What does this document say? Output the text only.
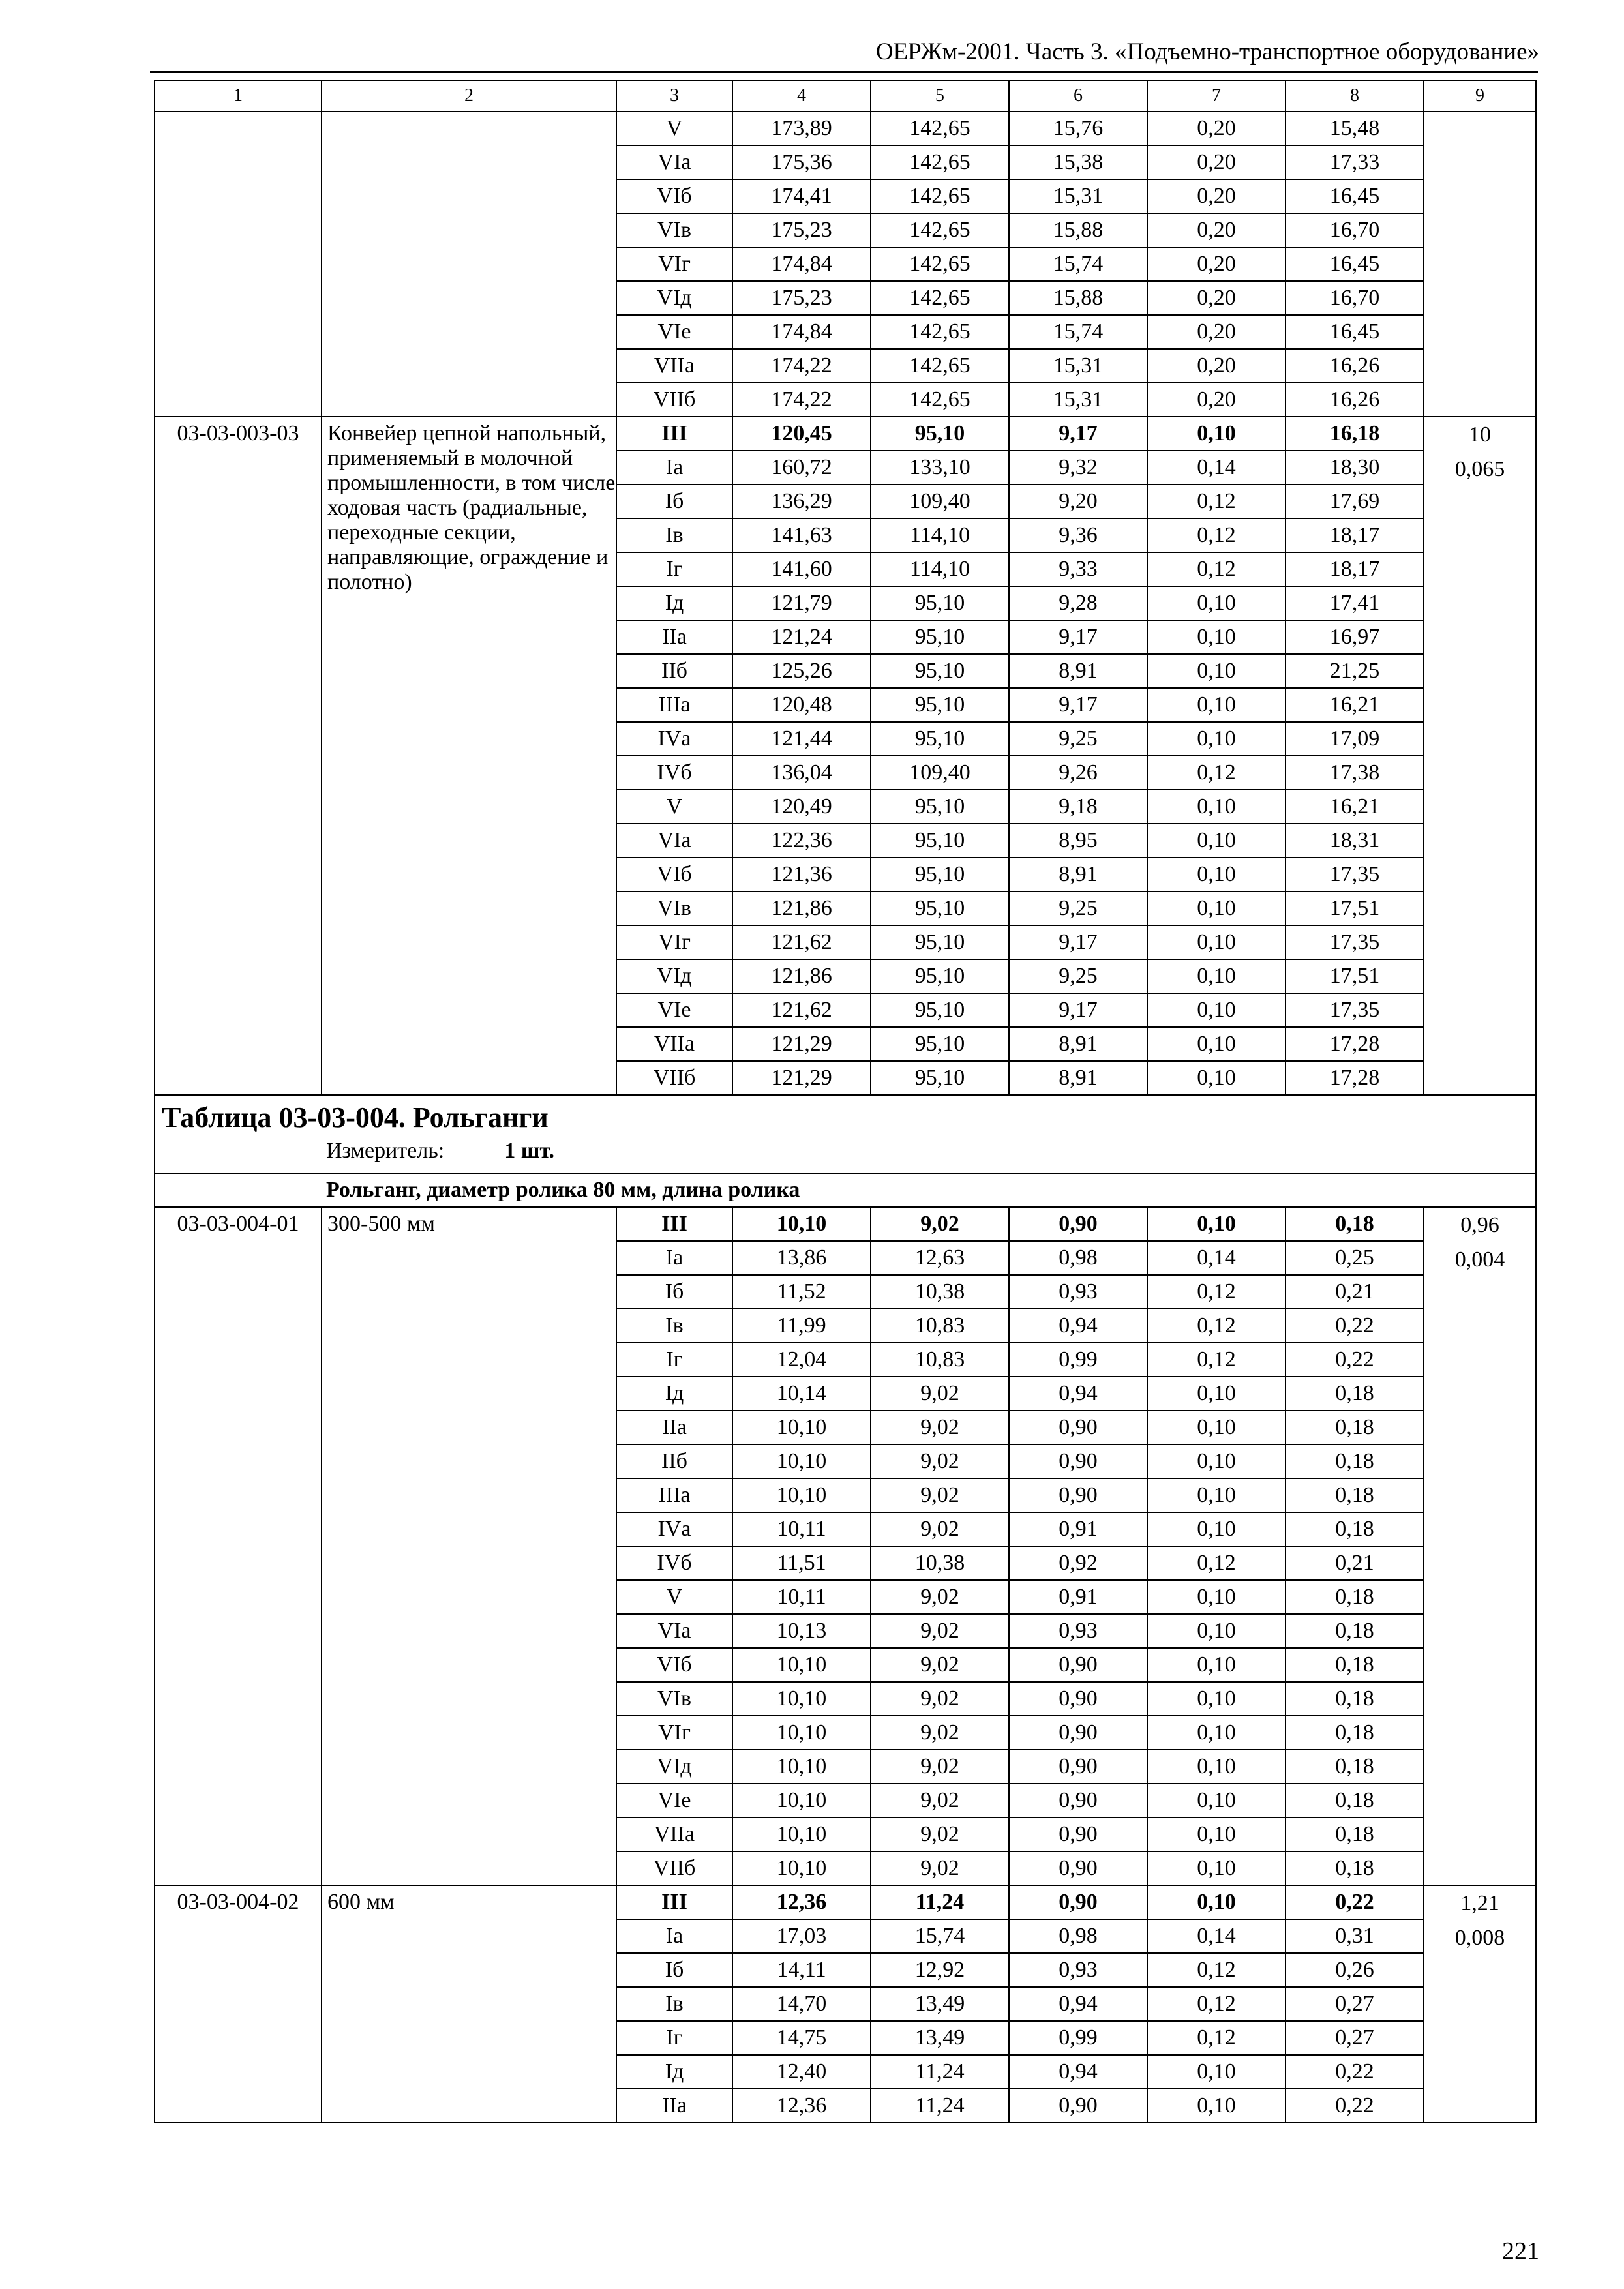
ОЕРЖм-2001. Часть 3. «Подъемно-транспортное оборудование»
1	2	3	4	5	6	7	8	9
		V	173,89	142,65	15,76	0,20	15,48	
		VIа	175,36	142,65	15,38	0,20	17,33	
		VIб	174,41	142,65	15,31	0,20	16,45	
		VIв	175,23	142,65	15,88	0,20	16,70	
		VIг	174,84	142,65	15,74	0,20	16,45	
		VIд	175,23	142,65	15,88	0,20	16,70	
		VIе	174,84	142,65	15,74	0,20	16,45	
		VIIа	174,22	142,65	15,31	0,20	16,26	
		VIIб	174,22	142,65	15,31	0,20	16,26	
03-03-003-03	Конвейер цепной напольный, применяемый в молочной промышленности, в том числе ходовая часть (радиальные, переходные секции, направляющие, ограждение и полотно)	III	120,45	95,10	9,17	0,10	16,18	10
0,065

		Iа	160,72	133,10	9,32	0,14	18,30	
		Iб	136,29	109,40	9,20	0,12	17,69	
		Iв	141,63	114,10	9,36	0,12	18,17	
		Iг	141,60	114,10	9,33	0,12	18,17	
		Iд	121,79	95,10	9,28	0,10	17,41	
		IIа	121,24	95,10	9,17	0,10	16,97	
		IIб	125,26	95,10	8,91	0,10	21,25	
		IIIа	120,48	95,10	9,17	0,10	16,21	
		IVа	121,44	95,10	9,25	0,10	17,09	
		IVб	136,04	109,40	9,26	0,12	17,38	
		V	120,49	95,10	9,18	0,10	16,21	
		VIа	122,36	95,10	8,95	0,10	18,31	
		VIб	121,36	95,10	8,91	0,10	17,35	
		VIв	121,86	95,10	9,25	0,10	17,51	
		VIг	121,62	95,10	9,17	0,10	17,35	
		VIд	121,86	95,10	9,25	0,10	17,51	
		VIе	121,62	95,10	9,17	0,10	17,35	
		VIIа	121,29	95,10	8,91	0,10	17,28	
		VIIб	121,29	95,10	8,91	0,10	17,28	

Таблица 03-03-004. Рольганги
Измеритель: 1 шт.								

Рольганг, диаметр ролика 80 мм, длина ролика								
03-03-004-01	300-500 мм	III	10,10	9,02	0,90	0,10	0,18	0,96
0,004

		Iа	13,86	12,63	0,98	0,14	0,25	
		Iб	11,52	10,38	0,93	0,12	0,21	
		Iв	11,99	10,83	0,94	0,12	0,22	
		Iг	12,04	10,83	0,99	0,12	0,22	
		Iд	10,14	9,02	0,94	0,10	0,18	
		IIа	10,10	9,02	0,90	0,10	0,18	
		IIб	10,10	9,02	0,90	0,10	0,18	
		IIIа	10,10	9,02	0,90	0,10	0,18	
		IVа	10,11	9,02	0,91	0,10	0,18	
		IVб	11,51	10,38	0,92	0,12	0,21	
		V	10,11	9,02	0,91	0,10	0,18	
		VIа	10,13	9,02	0,93	0,10	0,18	
		VIб	10,10	9,02	0,90	0,10	0,18	
		VIв	10,10	9,02	0,90	0,10	0,18	
		VIг	10,10	9,02	0,90	0,10	0,18	
		VIд	10,10	9,02	0,90	0,10	0,18	
		VIе	10,10	9,02	0,90	0,10	0,18	
		VIIа	10,10	9,02	0,90	0,10	0,18	
		VIIб	10,10	9,02	0,90	0,10	0,18	
03-03-004-02	600 мм	III	12,36	11,24	0,90	0,10	0,22	1,21
0,008

		Iа	17,03	15,74	0,98	0,14	0,31	
		Iб	14,11	12,92	0,93	0,12	0,26	
		Iв	14,70	13,49	0,94	0,12	0,27	
		Iг	14,75	13,49	0,99	0,12	0,27	
		Iд	12,40	11,24	0,94	0,10	0,22	
		IIа	12,36	11,24	0,90	0,10	0,22	
221
